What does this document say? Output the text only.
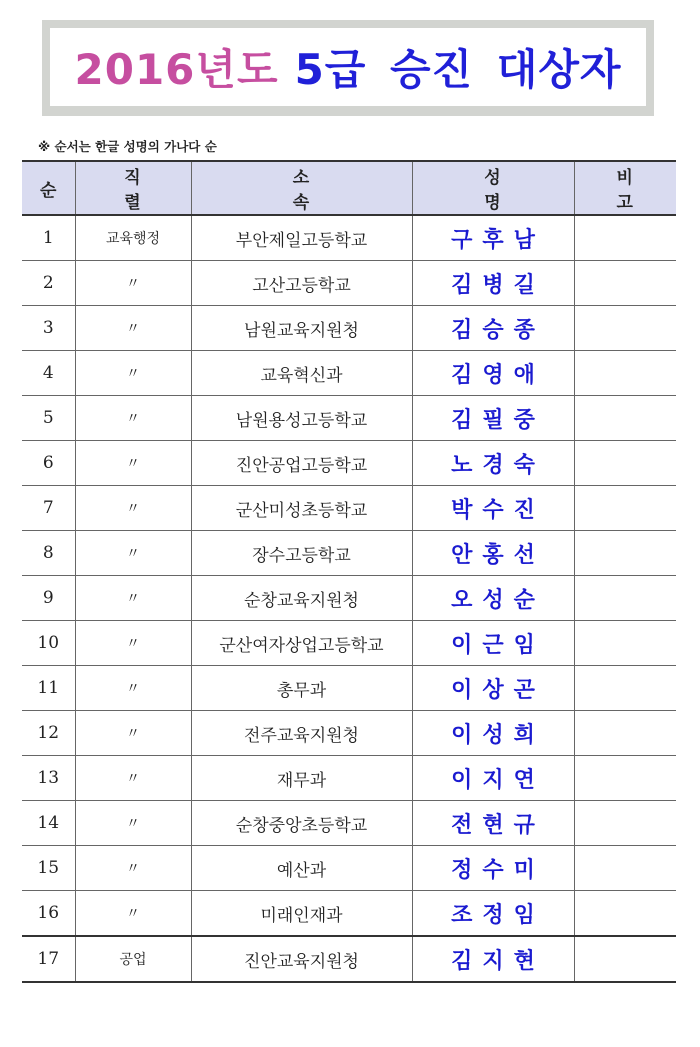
2016년도 5급 승진 대상자
※ 순서는 한글 성명의 가나다 순
순	직 렬	소 속	성 명	비 고
1	교육행정	부안제일고등학교	구후남	
2	〃	고산고등학교	김병길	
3	〃	남원교육지원청	김승종	
4	〃	교육혁신과	김영애	
5	〃	남원용성고등학교	김필중	
6	〃	진안공업고등학교	노경숙	
7	〃	군산미성초등학교	박수진	
8	〃	장수고등학교	안홍선	
9	〃	순창교육지원청	오성순	
10	〃	군산여자상업고등학교	이근임	
11	〃	총무과	이상곤	
12	〃	전주교육지원청	이성희	
13	〃	재무과	이지연	
14	〃	순창중앙초등학교	전현규	
15	〃	예산과	정수미	
16	〃	미래인재과	조정임	
17	공업	진안교육지원청	김지현	
